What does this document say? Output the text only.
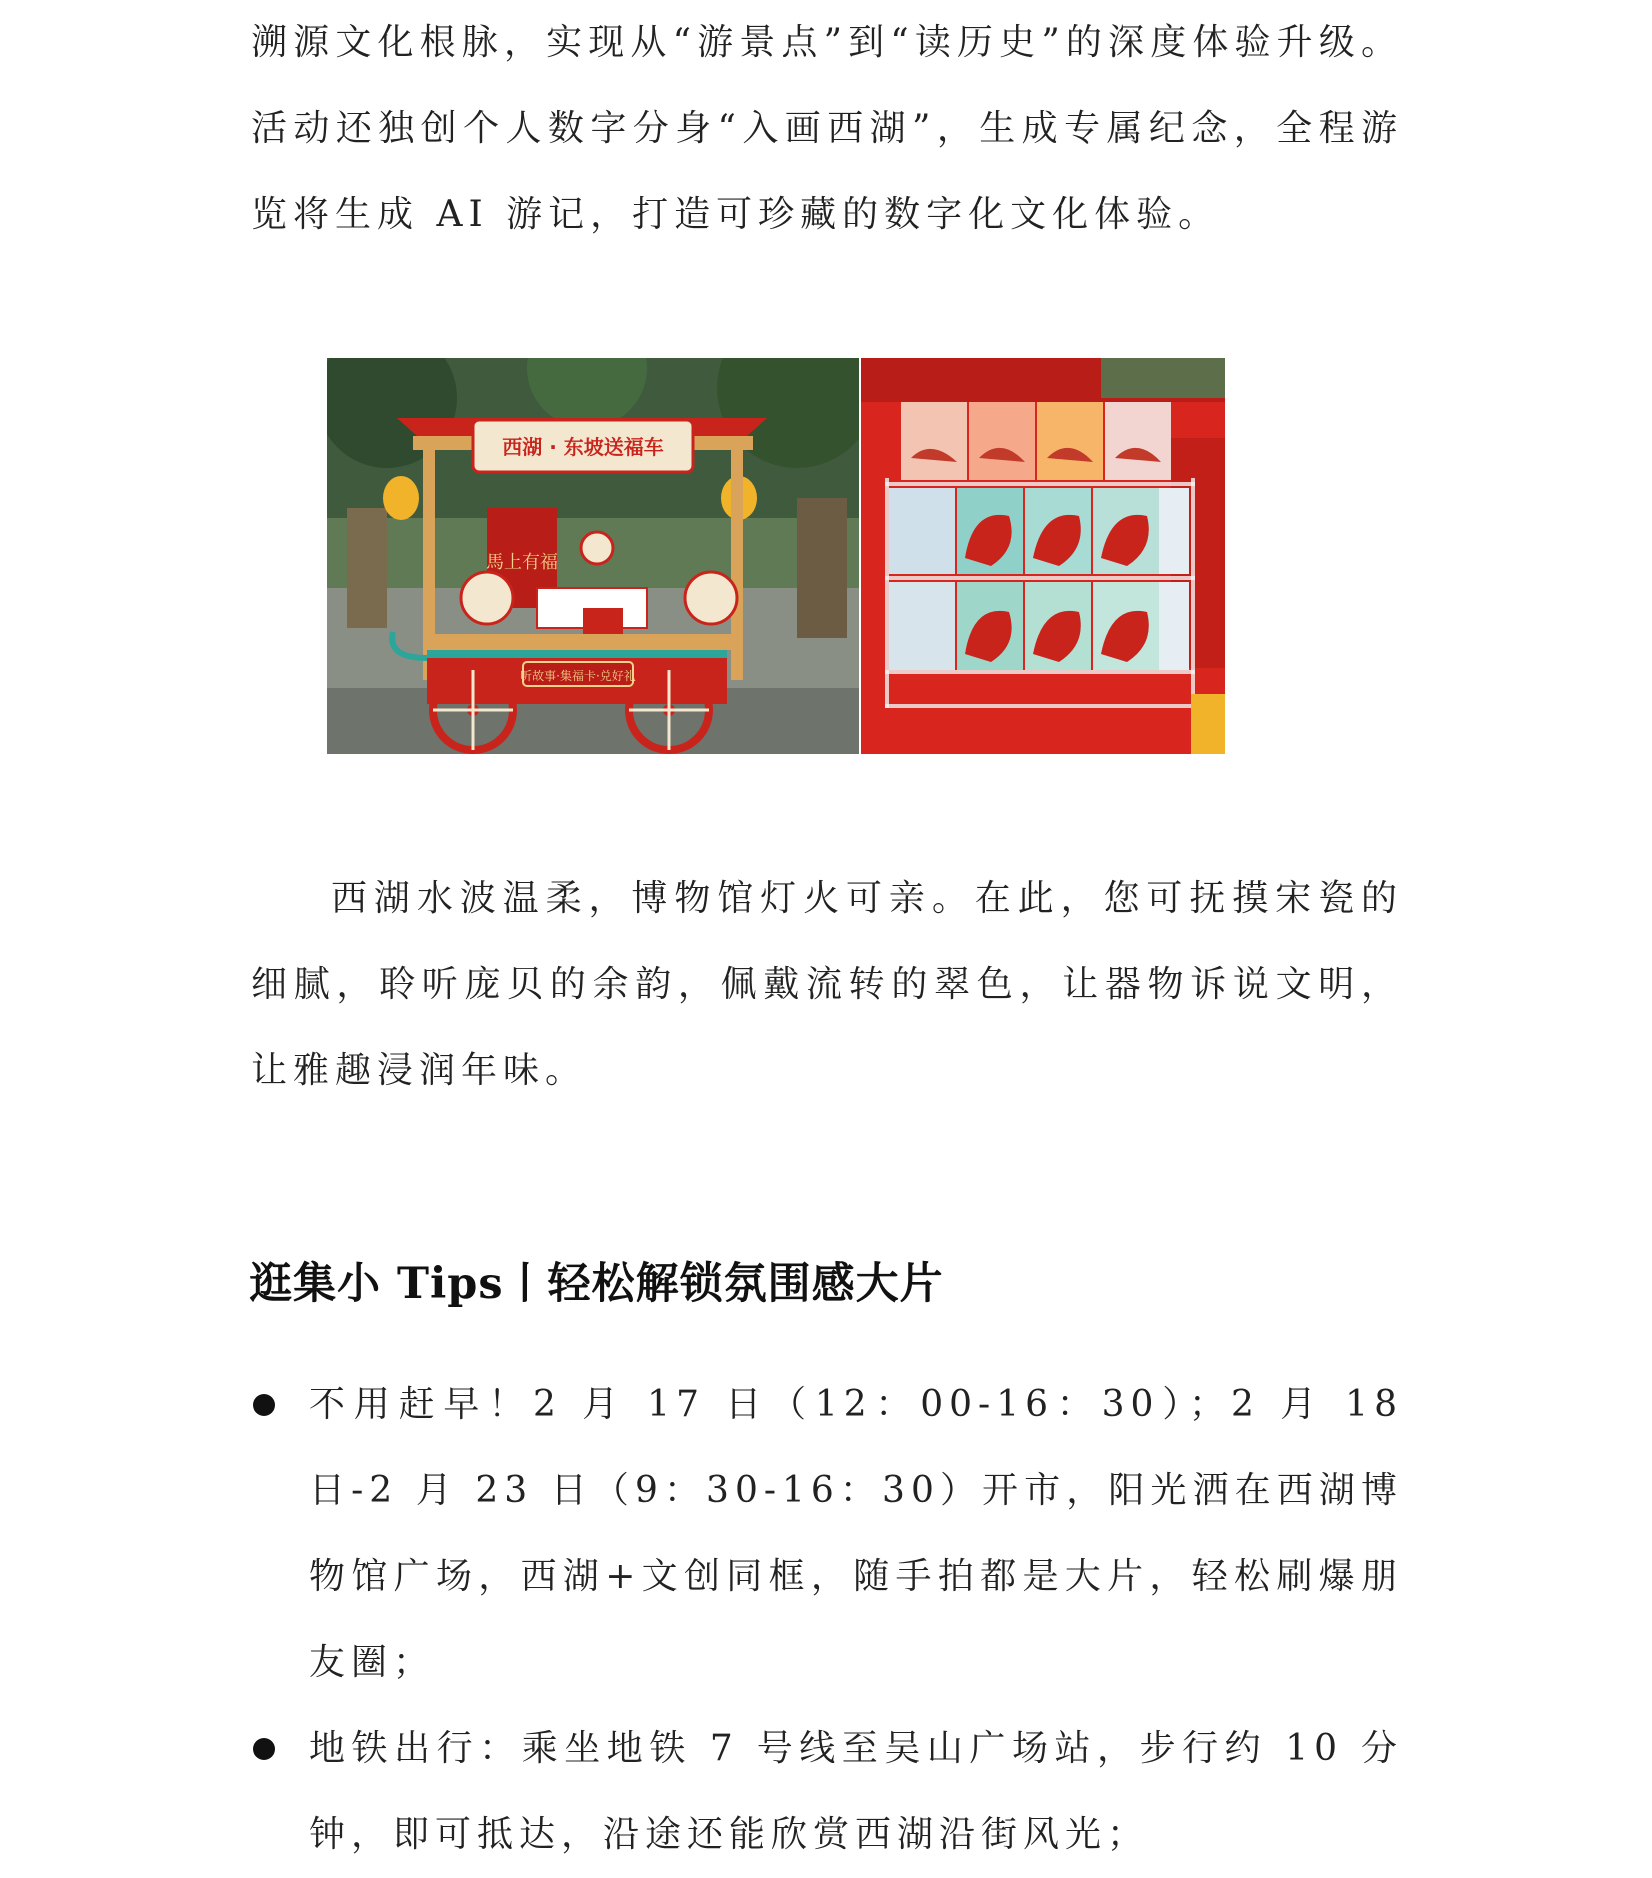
溯源文化根脉，实现从“游景点”到“读历史”的深度体验升级。活动还独创个人数字分身“入画西湖”，生成专属纪念，全程游览将生成 AI 游记，打造可珍藏的数字化文化体验。

西湖 · 东坡送福车
馬上有福
听故事·集福卡·兑好礼

西湖水波温柔，博物馆灯火可亲。在此，您可抚摸宋瓷的细腻，聆听庞贝的余韵，佩戴流转的翠色，让器物诉说文明，让雅趣浸润年味。

逛集小 Tips丨轻松解锁氛围感大片

不用赶早！2 月 17 日（12：00-16：30）；2 月 18 日-2 月 23 日（9：30-16：30）开市，阳光洒在西湖博物馆广场，西湖+文创同框，随手拍都是大片，轻松刷爆朋友圈；

地铁出行：乘坐地铁 7 号线至吴山广场站，步行约 10 分钟，即可抵达，沿途还能欣赏西湖沿街风光；
